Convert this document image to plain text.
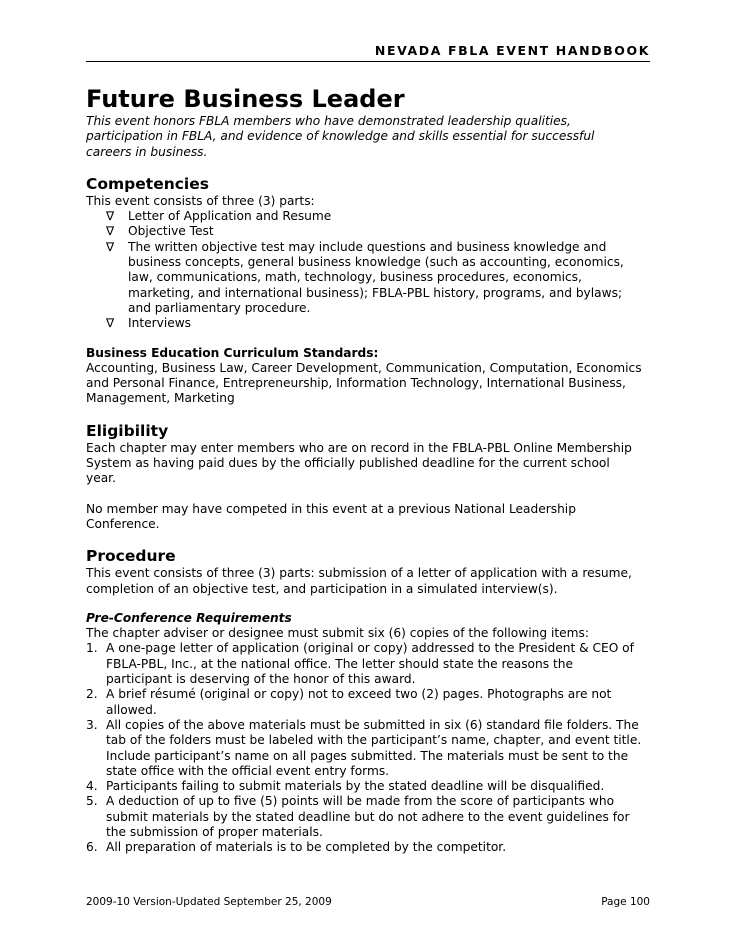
NEVADA FBLA EVENT HANDBOOK
Future Business Leader

This event honors FBLA members who have demonstrated leadership qualities, participation in FBLA, and evidence of knowledge and skills essential for successful careers in business.

Competencies

This event consists of three (3) parts:

∇ Letter of Application and Resume
∇ Objective Test
∇ The written objective test may include questions and business knowledge and business concepts, general business knowledge (such as accounting, economics, law, communications, math, technology, business procedures, economics, marketing, and international business); FBLA-PBL history, programs, and bylaws; and parliamentary procedure.
∇ Interviews

Business Education Curriculum Standards:

Accounting, Business Law, Career Development, Communication, Computation, Economics and Personal Finance, Entrepreneurship, Information Technology, International Business, Management, Marketing

Eligibility

Each chapter may enter members who are on record in the FBLA-PBL Online Membership System as having paid dues by the officially published deadline for the current school year.

No member may have competed in this event at a previous National Leadership Conference.

Procedure

This event consists of three (3) parts: submission of a letter of application with a resume, completion of an objective test, and participation in a simulated interview(s).

Pre-Conference Requirements

The chapter adviser or designee must submit six (6) copies of the following items:

1. A one-page letter of application (original or copy) addressed to the President & CEO of FBLA-PBL, Inc., at the national office. The letter should state the reasons the participant is deserving of the honor of this award.
2. A brief résumé (original or copy) not to exceed two (2) pages. Photographs are not allowed.
3. All copies of the above materials must be submitted in six (6) standard file folders. The tab of the folders must be labeled with the participant’s name, chapter, and event title. Include participant’s name on all pages submitted. The materials must be sent to the state office with the official event entry forms.
4. Participants failing to submit materials by the stated deadline will be disqualified.
5. A deduction of up to five (5) points will be made from the score of participants who submit materials by the stated deadline but do not adhere to the event guidelines for the submission of proper materials.
6. All preparation of materials is to be completed by the competitor.
2009-10 Version-Updated September 25, 2009	Page 100
